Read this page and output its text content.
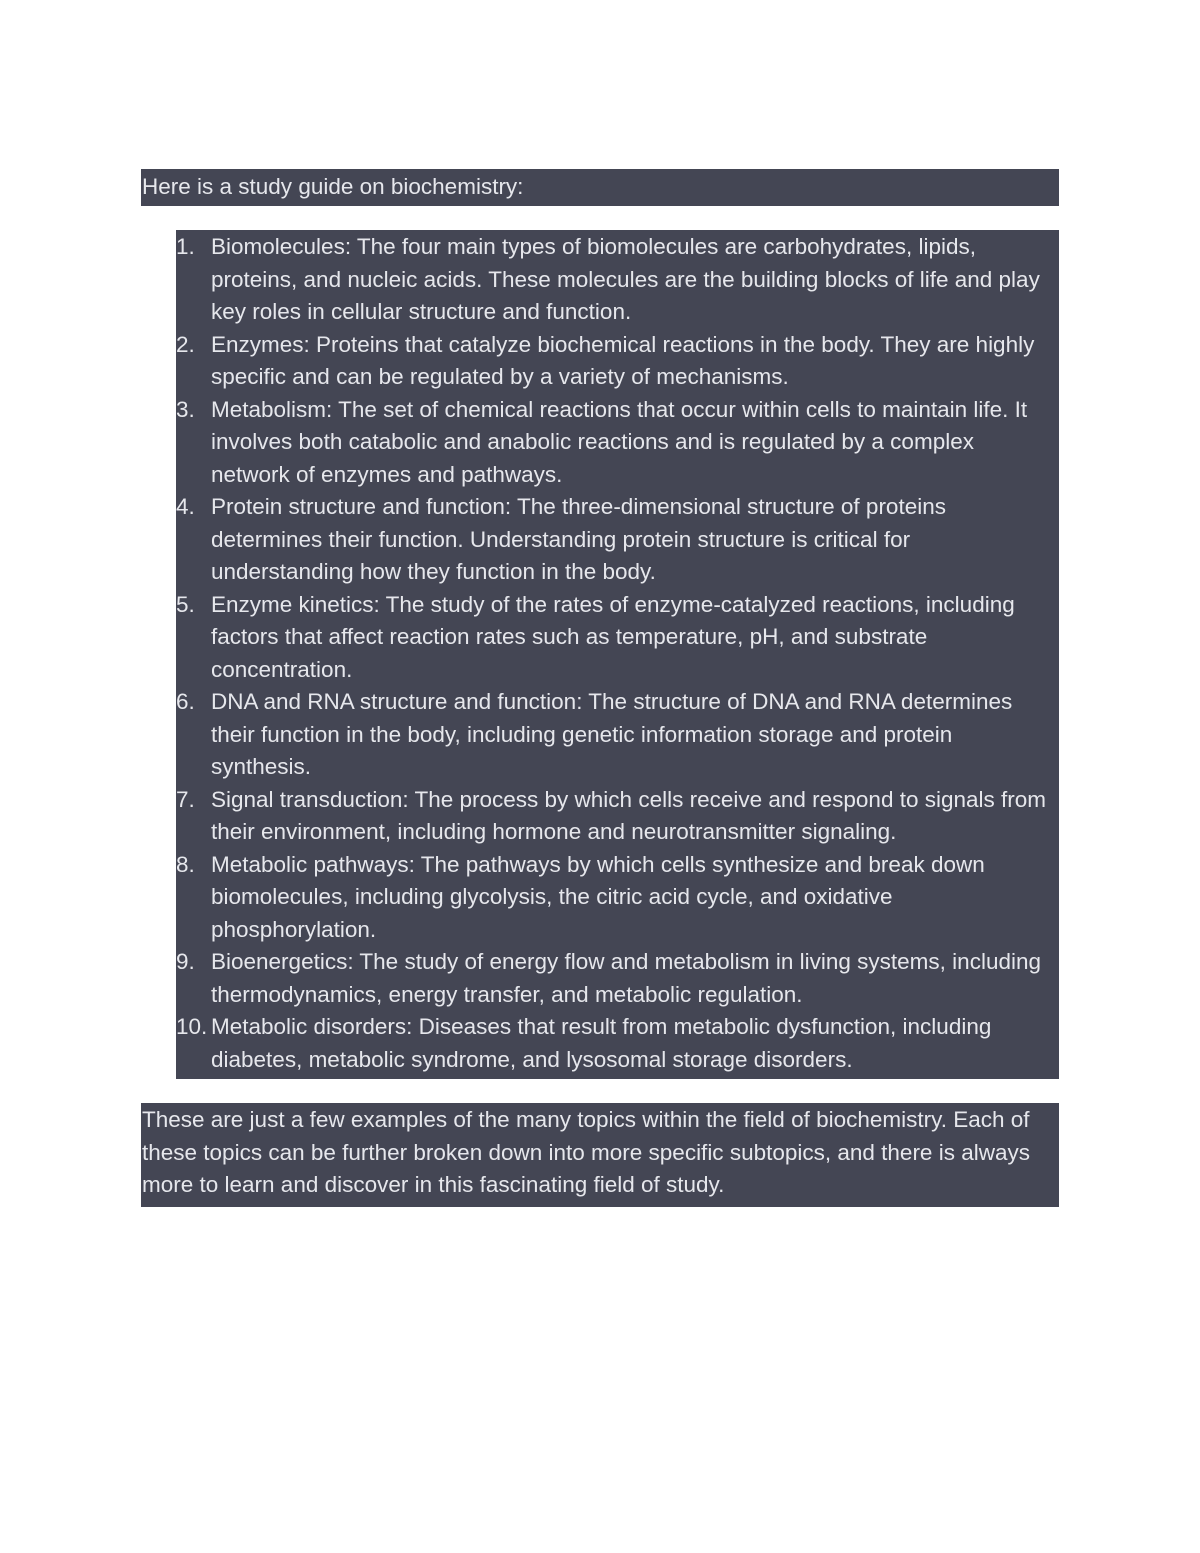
Here is a study guide on biochemistry:
1. Biomolecules: The four main types of biomolecules are carbohydrates, lipids, proteins, and nucleic acids. These molecules are the building blocks of life and play key roles in cellular structure and function.
2. Enzymes: Proteins that catalyze biochemical reactions in the body. They are highly specific and can be regulated by a variety of mechanisms.
3. Metabolism: The set of chemical reactions that occur within cells to maintain life. It involves both catabolic and anabolic reactions and is regulated by a complex network of enzymes and pathways.
4. Protein structure and function: The three-dimensional structure of proteins determines their function. Understanding protein structure is critical for understanding how they function in the body.
5. Enzyme kinetics: The study of the rates of enzyme-catalyzed reactions, including factors that affect reaction rates such as temperature, pH, and substrate concentration.
6. DNA and RNA structure and function: The structure of DNA and RNA determines their function in the body, including genetic information storage and protein synthesis.
7. Signal transduction: The process by which cells receive and respond to signals from their environment, including hormone and neurotransmitter signaling.
8. Metabolic pathways: The pathways by which cells synthesize and break down biomolecules, including glycolysis, the citric acid cycle, and oxidative phosphorylation.
9. Bioenergetics: The study of energy flow and metabolism in living systems, including thermodynamics, energy transfer, and metabolic regulation.
10. Metabolic disorders: Diseases that result from metabolic dysfunction, including diabetes, metabolic syndrome, and lysosomal storage disorders.
These are just a few examples of the many topics within the field of biochemistry. Each of these topics can be further broken down into more specific subtopics, and there is always more to learn and discover in this fascinating field of study.
